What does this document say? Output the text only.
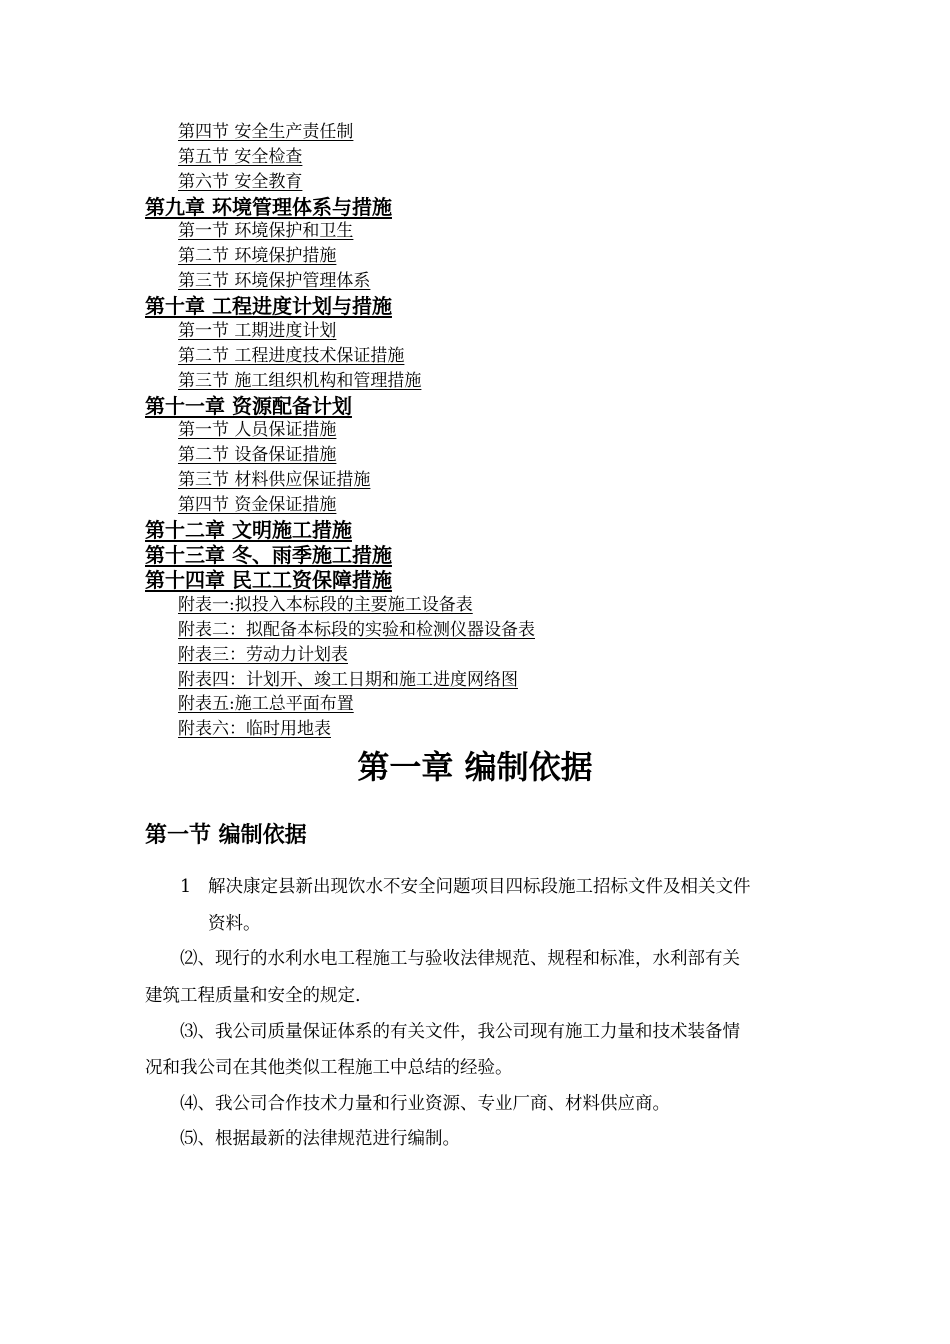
第四节 安全生产责任制
第五节 安全检查
第六节 安全教育
第九章 环境管理体系与措施
第一节 环境保护和卫生
第二节 环境保护措施
第三节 环境保护管理体系
第十章 工程进度计划与措施
第一节 工期进度计划
第二节 工程进度技术保证措施
第三节 施工组织机构和管理措施
第十一章 资源配备计划
第一节 人员保证措施
第二节 设备保证措施
第三节 材料供应保证措施
第四节 资金保证措施
第十二章 文明施工措施
第十三章 冬、雨季施工措施
第十四章 民工工资保障措施
附表一:拟投入本标段的主要施工设备表
附表二：拟配备本标段的实验和检测仪器设备表
附表三：劳动力计划表
附表四：计划开、竣工日期和施工进度网络图
附表五:施工总平面布置
附表六：临时用地表
第一章 编制依据
第一节 编制依据
1 解决康定县新出现饮水不安全问题项目四标段施工招标文件及相关文件
资料。
⑵、现行的水利水电工程施工与验收法律规范、规程和标准，水利部有关
建筑工程质量和安全的规定.
⑶、我公司质量保证体系的有关文件，我公司现有施工力量和技术装备情
况和我公司在其他类似工程施工中总结的经验。
⑷、我公司合作技术力量和行业资源、专业厂商、材料供应商。
⑸、根据最新的法律规范进行编制。
